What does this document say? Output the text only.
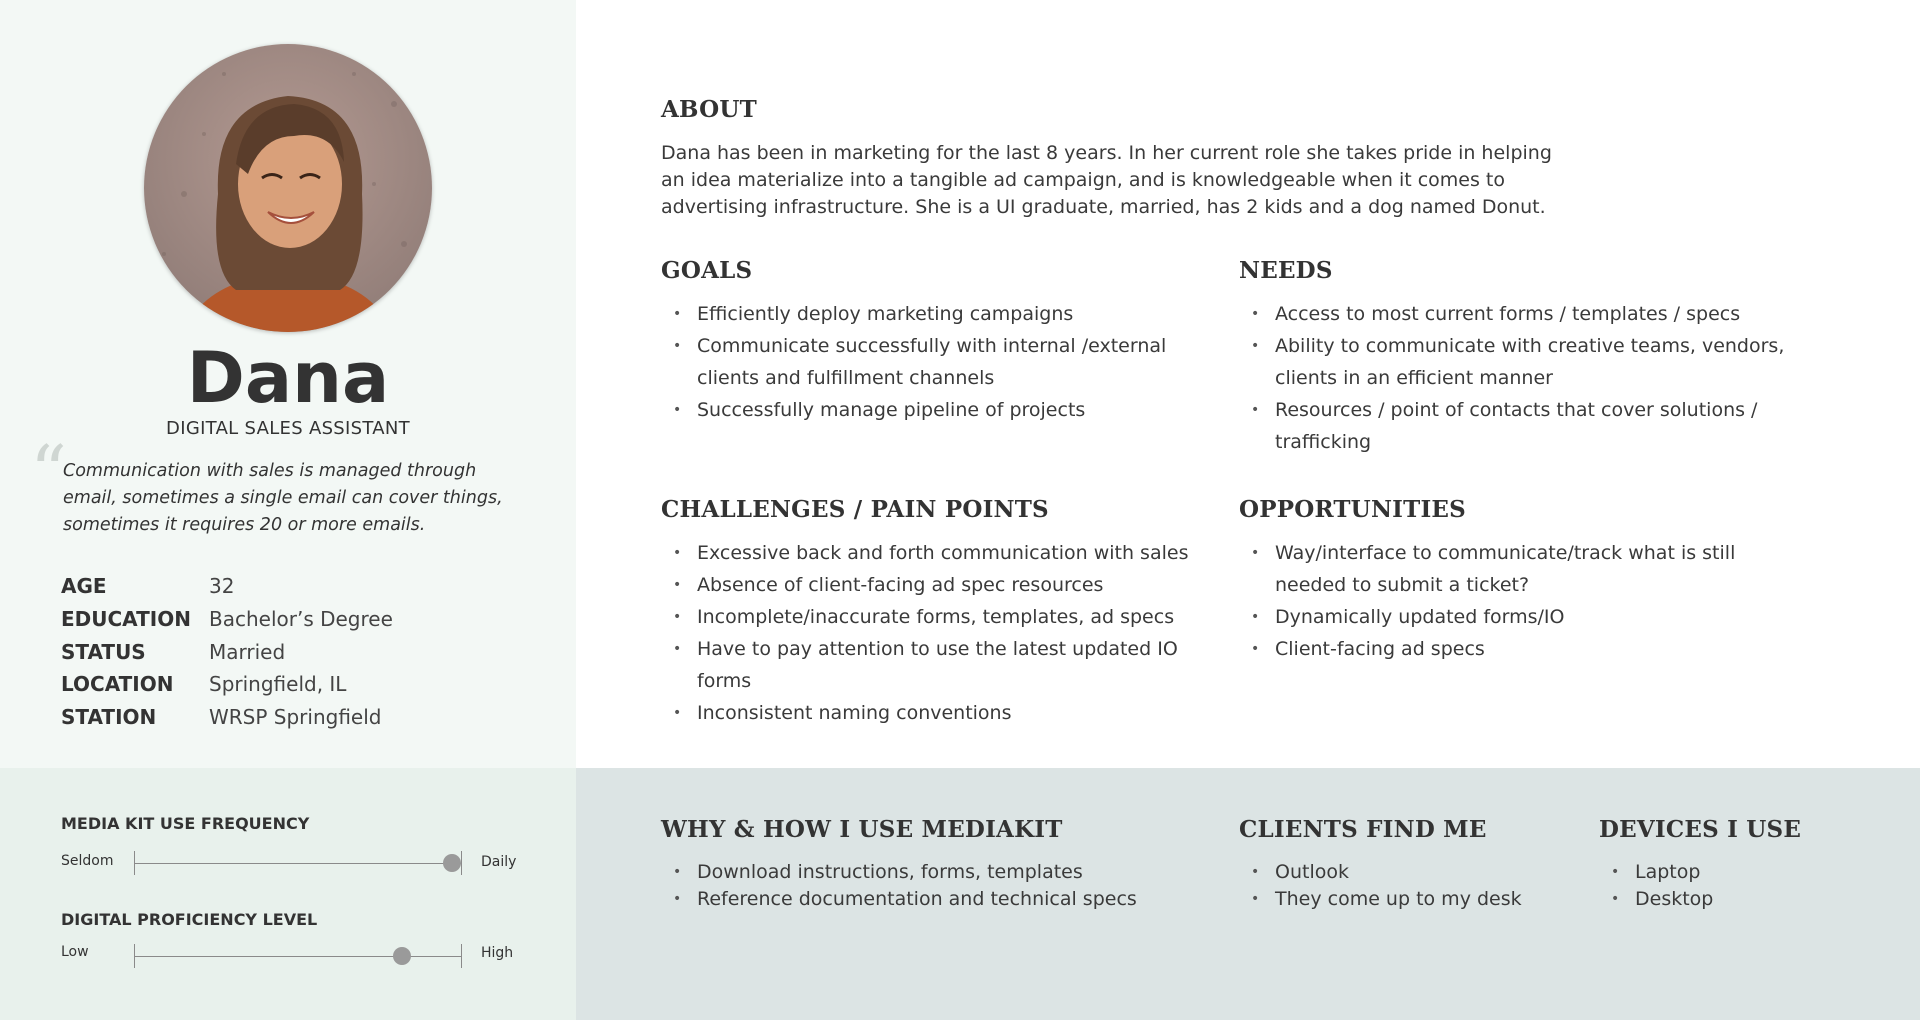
Dana
DIGITAL SALES ASSISTANT
“
Communication with sales is managed through email, sometimes a single email can cover things, sometimes it requires 20 or more emails.
AGE	32
EDUCATION Bachelor’s Degree
STATUS	Married
LOCATION Springfield, IL
STATION	WRSP Springfield
MEDIA KIT USE FREQUENCY
Seldom	Daily
DIGITAL PROFICIENCY LEVEL
Low	High
ABOUT
Dana has been in marketing for the last 8 years. In her current role she takes pride in helping an idea materialize into a tangible ad campaign, and is knowledgeable when it comes to advertising infrastructure. She is a UI graduate, married, has 2 kids and a dog named Donut.
GOALS
• Efficiently deploy marketing campaigns
• Communicate successfully with internal /external clients and fulfillment channels
• Successfully manage pipeline of projects
NEEDS
• Access to most current forms / templates / specs
• Ability to communicate with creative teams, vendors, clients in an efficient manner
• Resources / point of contacts that cover solutions / trafficking
CHALLENGES / PAIN POINTS
• Excessive back and forth communication with sales
• Absence of client-facing ad spec resources
• Incomplete/inaccurate forms, templates, ad specs
• Have to pay attention to use the latest updated IO forms
• Inconsistent naming conventions
OPPORTUNITIES
• Way/interface to communicate/track what is still needed to submit a ticket?
• Dynamically updated forms/IO
• Client-facing ad specs
WHY & HOW I USE MEDIAKIT
• Download instructions, forms, templates
• Reference documentation and technical specs
CLIENTS FIND ME
• Outlook
• They come up to my desk
DEVICES I USE
• Laptop
• Desktop
